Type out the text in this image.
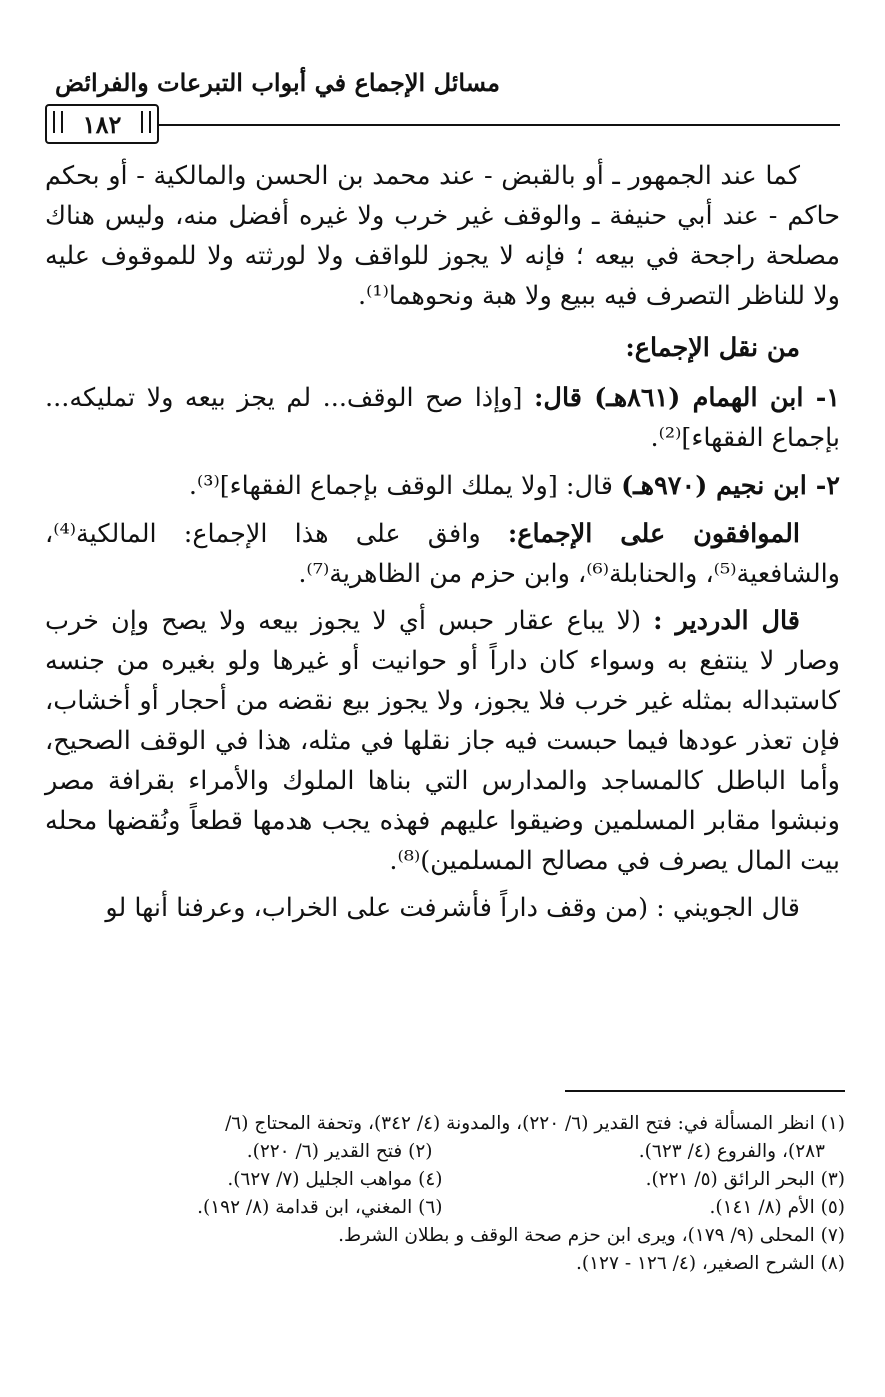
مسائل الإجماع في أبواب التبرعات والفرائض
١٨٢

كما عند الجمهور ـ أو بالقبض - عند محمد بن الحسن والمالكية - أو بحكم حاكم - عند أبي حنيفة ـ والوقف غير خرب ولا غيره أفضل منه، وليس هناك مصلحة راجحة في بيعه ؛ فإنه لا يجوز للواقف ولا لورثته ولا للموقوف عليه ولا للناظر التصرف فيه ببيع ولا هبة ونحوهما⁽¹⁾.

من نقل الإجماع:

١- ابن الهمام (٨٦١هـ) قال: [وإذا صح الوقف... لم يجز بيعه ولا تمليكه... بإجماع الفقهاء]⁽²⁾.

٢- ابن نجيم (٩٧٠هـ) قال: [ولا يملك الوقف بإجماع الفقهاء]⁽³⁾.

الموافقون على الإجماع: وافق على هذا الإجماع: المالكية⁽⁴⁾، والشافعية⁽⁵⁾، والحنابلة⁽⁶⁾، وابن حزم من الظاهرية⁽⁷⁾.

قال الدردير : (لا يباع عقار حبس أي لا يجوز بيعه ولا يصح وإن خرب وصار لا ينتفع به وسواء كان داراً أو حوانيت أو غيرها ولو بغيره من جنسه كاستبداله بمثله غير خرب فلا يجوز، ولا يجوز بيع نقضه من أحجار أو أخشاب، فإن تعذر عودها فيما حبست فيه جاز نقلها في مثله، هذا في الوقف الصحيح، وأما الباطل كالمساجد والمدارس التي بناها الملوك والأمراء بقرافة مصر ونبشوا مقابر المسلمين وضيقوا عليهم فهذه يجب هدمها قطعاً ونُقضها محله بيت المال يصرف في مصالح المسلمين)⁽⁸⁾.

قال الجويني : (من وقف داراً فأشرفت على الخراب، وعرفنا أنها لو

(١) انظر المسألة في: فتح القدير (٦/ ٢٢٠)، والمدونة (٤/ ٣٤٢)، وتحفة المحتاج (٦/
٢٨٣)، والفروع (٤/ ٦٢٣).
(٢) فتح القدير (٦/ ٢٢٠).
(٣) البحر الرائق (٥/ ٢٢١).
(٤) مواهب الجليل (٧/ ٦٢٧).
(٥) الأم (٨/ ١٤١).
(٦) المغني، ابن قدامة (٨/ ١٩٢).
(٧) المحلى (٩/ ١٧٩)، ويرى ابن حزم صحة الوقف و بطلان الشرط.
(٨) الشرح الصغير، (٤/ ١٢٦ - ١٢٧).
